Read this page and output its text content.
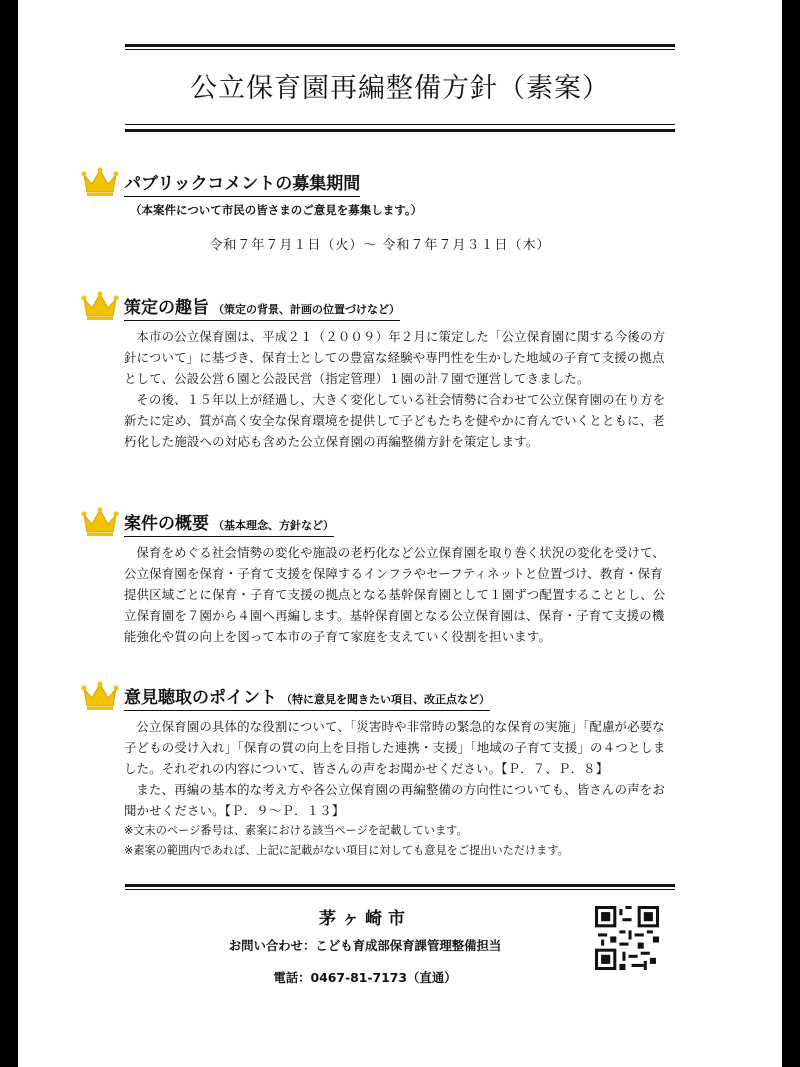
公立保育園再編整備方針（素案）
パブリックコメントの募集期間
（本案件について市民の皆さまのご意見を募集します。）
令和７年７月１日（火）～ 令和７年７月３１日（木）
策定の趣旨 （策定の背景、計画の位置づけなど）
本市の公立保育園は、平成２１（２００９）年２月に策定した「公立保育園に関する今後の方針について」に基づき、保育士としての豊富な経験や専門性を生かした地域の子育て支援の拠点として、公設公営６園と公設民営（指定管理）１園の計７園で運営してきました。
その後、１５年以上が経過し、大きく変化している社会情勢に合わせて公立保育園の在り方を新たに定め、質が高く安全な保育環境を提供して子どもたちを健やかに育んでいくとともに、老朽化した施設への対応も含めた公立保育園の再編整備方針を策定します。
案件の概要 （基本理念、方針など）
保育をめぐる社会情勢の変化や施設の老朽化など公立保育園を取り巻く状況の変化を受けて、公立保育園を保育・子育て支援を保障するインフラやセーフティネットと位置づけ、教育・保育提供区域ごとに保育・子育て支援の拠点となる基幹保育園として１園ずつ配置することとし、公立保育園を７園から４園へ再編します。基幹保育園となる公立保育園は、保育・子育て支援の機能強化や質の向上を図って本市の子育て家庭を支えていく役割を担います。
意見聴取のポイント （特に意見を聞きたい項目、改正点など）
公立保育園の具体的な役割について、「災害時や非常時の緊急的な保育の実施」「配慮が必要な子どもの受け入れ」「保育の質の向上を目指した連携・支援」「地域の子育て支援」の４つとしました。それぞれの内容について、皆さんの声をお聞かせください。【Ｐ．７、Ｐ．８】
また、再編の基本的な考え方や各公立保育園の再編整備の方向性についても、皆さんの声をお聞かせください。【Ｐ．９～Ｐ．１３】
※文末のページ番号は、素案における該当ページを記載しています。
※素案の範囲内であれば、上記に記載がない項目に対しても意見をご提出いただけます。
茅ヶ崎市
お問い合わせ：こども育成部保育課管理整備担当
電話：0467-81-7173（直通）
